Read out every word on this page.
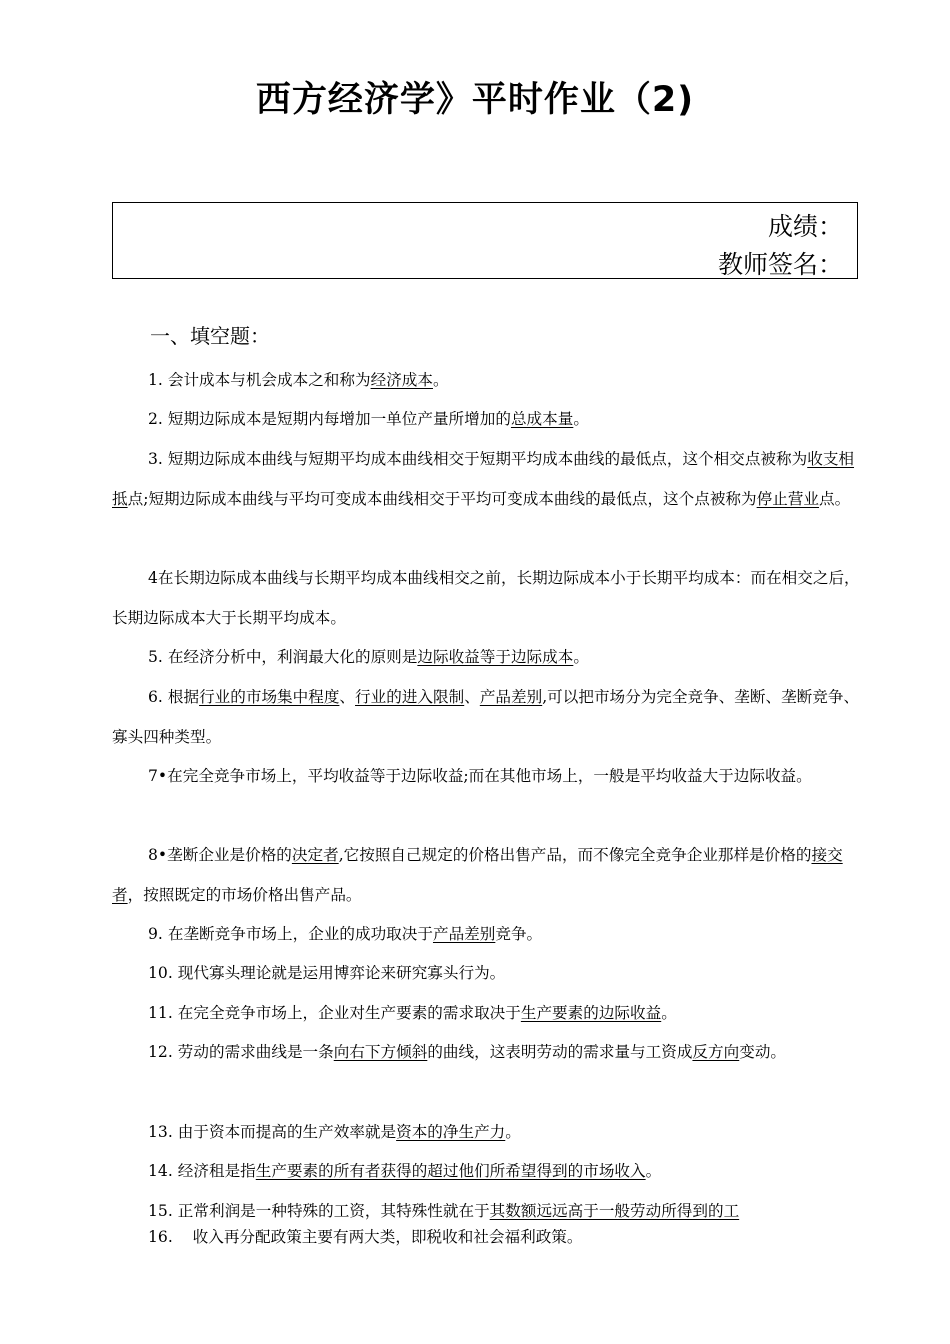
西方经济学》平时作业（2)
成绩：
教师签名：
一、填空题：
1. 会计成本与机会成本之和称为经济成本。
2. 短期边际成本是短期内每增加一单位产量所增加的总成本量。
3. 短期边际成本曲线与短期平均成本曲线相交于短期平均成本曲线的最低点，这个相交点被称为收支相抵点;短期边际成本曲线与平均可变成本曲线相交于平均可变成本曲线的最低点，这个点被称为停止营业点。
4在长期边际成本曲线与长期平均成本曲线相交之前，长期边际成本小于长期平均成本：而在相交之后，长期边际成本大于长期平均成本。
5. 在经济分析中，利润最大化的原则是边际收益等于边际成本。
6. 根据行业的市场集中程度、行业的进入限制、产品差别,可以把市场分为完全竞争、垄断、垄断竞争、寡头四种类型。
7•在完全竞争市场上，平均收益等于边际收益;而在其他市场上，一般是平均收益大于边际收益。
8•垄断企业是价格的决定者,它按照自己规定的价格出售产品，而不像完全竞争企业那样是价格的接交者，按照既定的市场价格出售产品。
9. 在垄断竞争市场上，企业的成功取决于产品差别竞争。
10. 现代寡头理论就是运用博弈论来研究寡头行为。
11. 在完全竞争市场上，企业对生产要素的需求取决于生产要素的边际收益。
12. 劳动的需求曲线是一条向右下方倾斜的曲线，这表明劳动的需求量与工资成反方向变动。
13. 由于资本而提高的生产效率就是资本的净生产力。
14. 经济租是指生产要素的所有者获得的超过他们所希望得到的市场收入。
15. 正常利润是一种特殊的工资，其特殊性就在于其数额远远高于一般劳动所得到的工
16. 收入再分配政策主要有两大类，即税收和社会福利政策。
